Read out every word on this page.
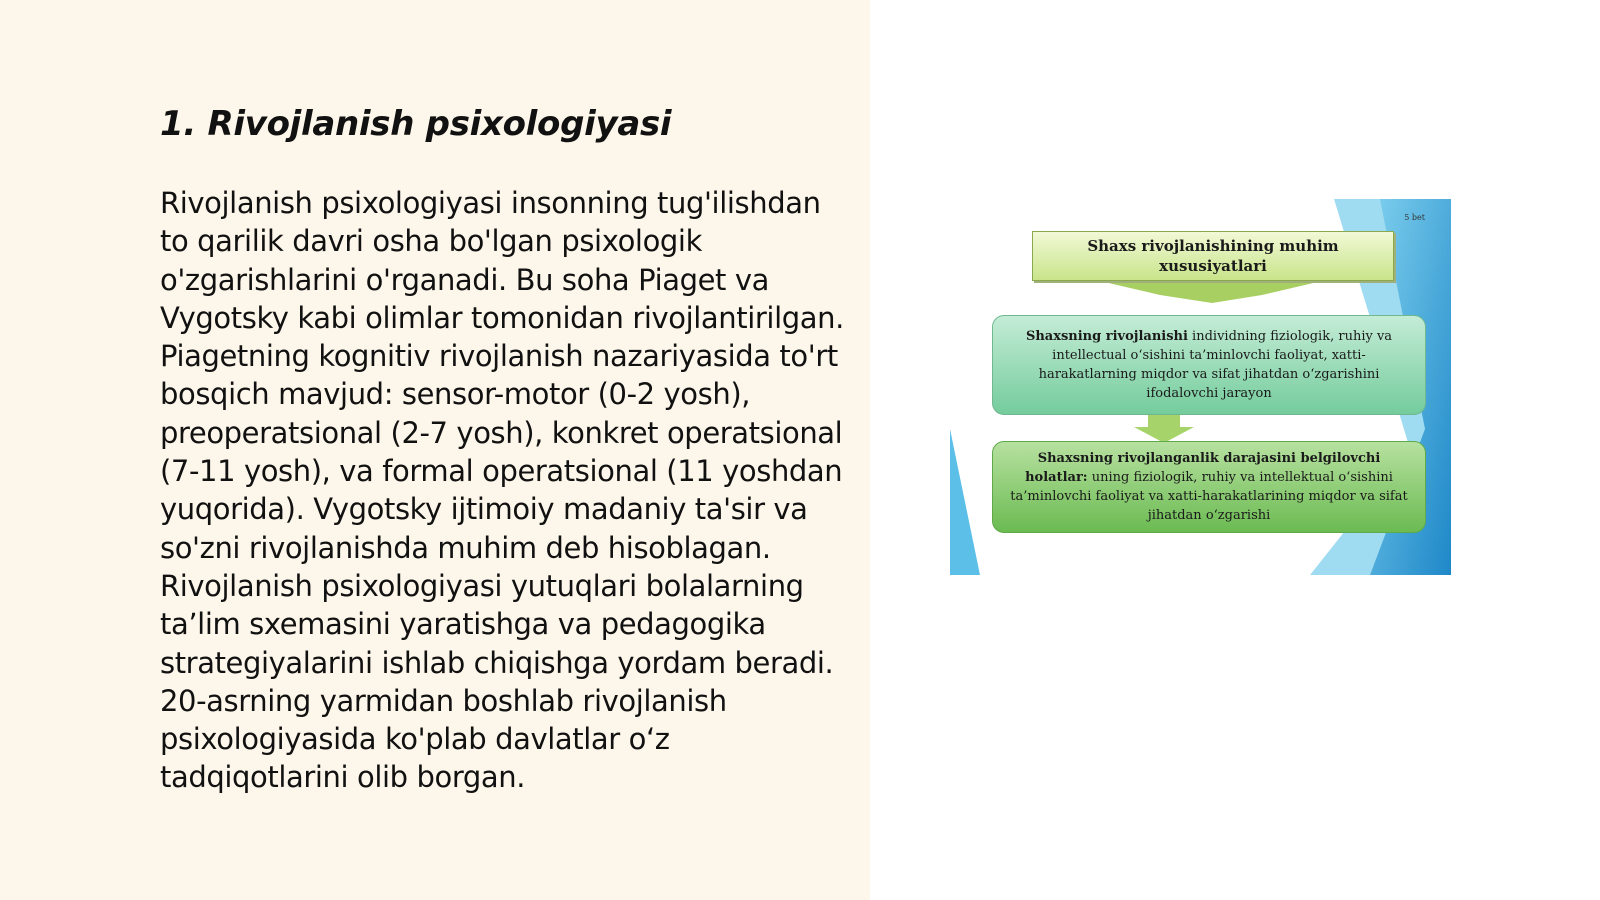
1. Rivojlanish psixologiyasi

Rivojlanish psixologiyasi insonning tug'ilishdan to qarilik davri osha bo'lgan psixologik o'zgarishlarini o'rganadi. Bu soha Piaget va Vygotsky kabi olimlar tomonidan rivojlantirilgan. Piagetning kognitiv rivojlanish nazariyasida to'rt bosqich mavjud: sensor-motor (0-2 yosh), preoperatsional (2-7 yosh), konkret operatsional (7-11 yosh), va formal operatsional (11 yoshdan yuqorida). Vygotsky ijtimoiy madaniy ta'sir va so'zni rivojlanishda muhim deb hisoblagan. Rivojlanish psixologiyasi yutuqlari bolalarning ta’lim sxemasini yaratishga va pedagogika strategiyalarini ishlab chiqishga yordam beradi. 20-asrning yarmidan boshlab rivojlanish psixologiyasida ko'plab davlatlar o‘z tadqiqotlarini olib borgan.

5 bet
Shaxs rivojlanishining muhim xususiyatlari
Shaxsning rivojlanishi individning fiziologik, ruhiy va intellectual o‘sishini ta’minlovchi faoliyat, xatti-harakatlarning miqdor va sifat jihatdan o‘zgarishini ifodalovchi jarayon
Shaxsning rivojlanganlik darajasini belgilovchi holatlar: uning fiziologik, ruhiy va intellektual o‘sishini ta’minlovchi faoliyat va xatti-harakatlarining miqdor va sifat jihatdan o‘zgarishi
